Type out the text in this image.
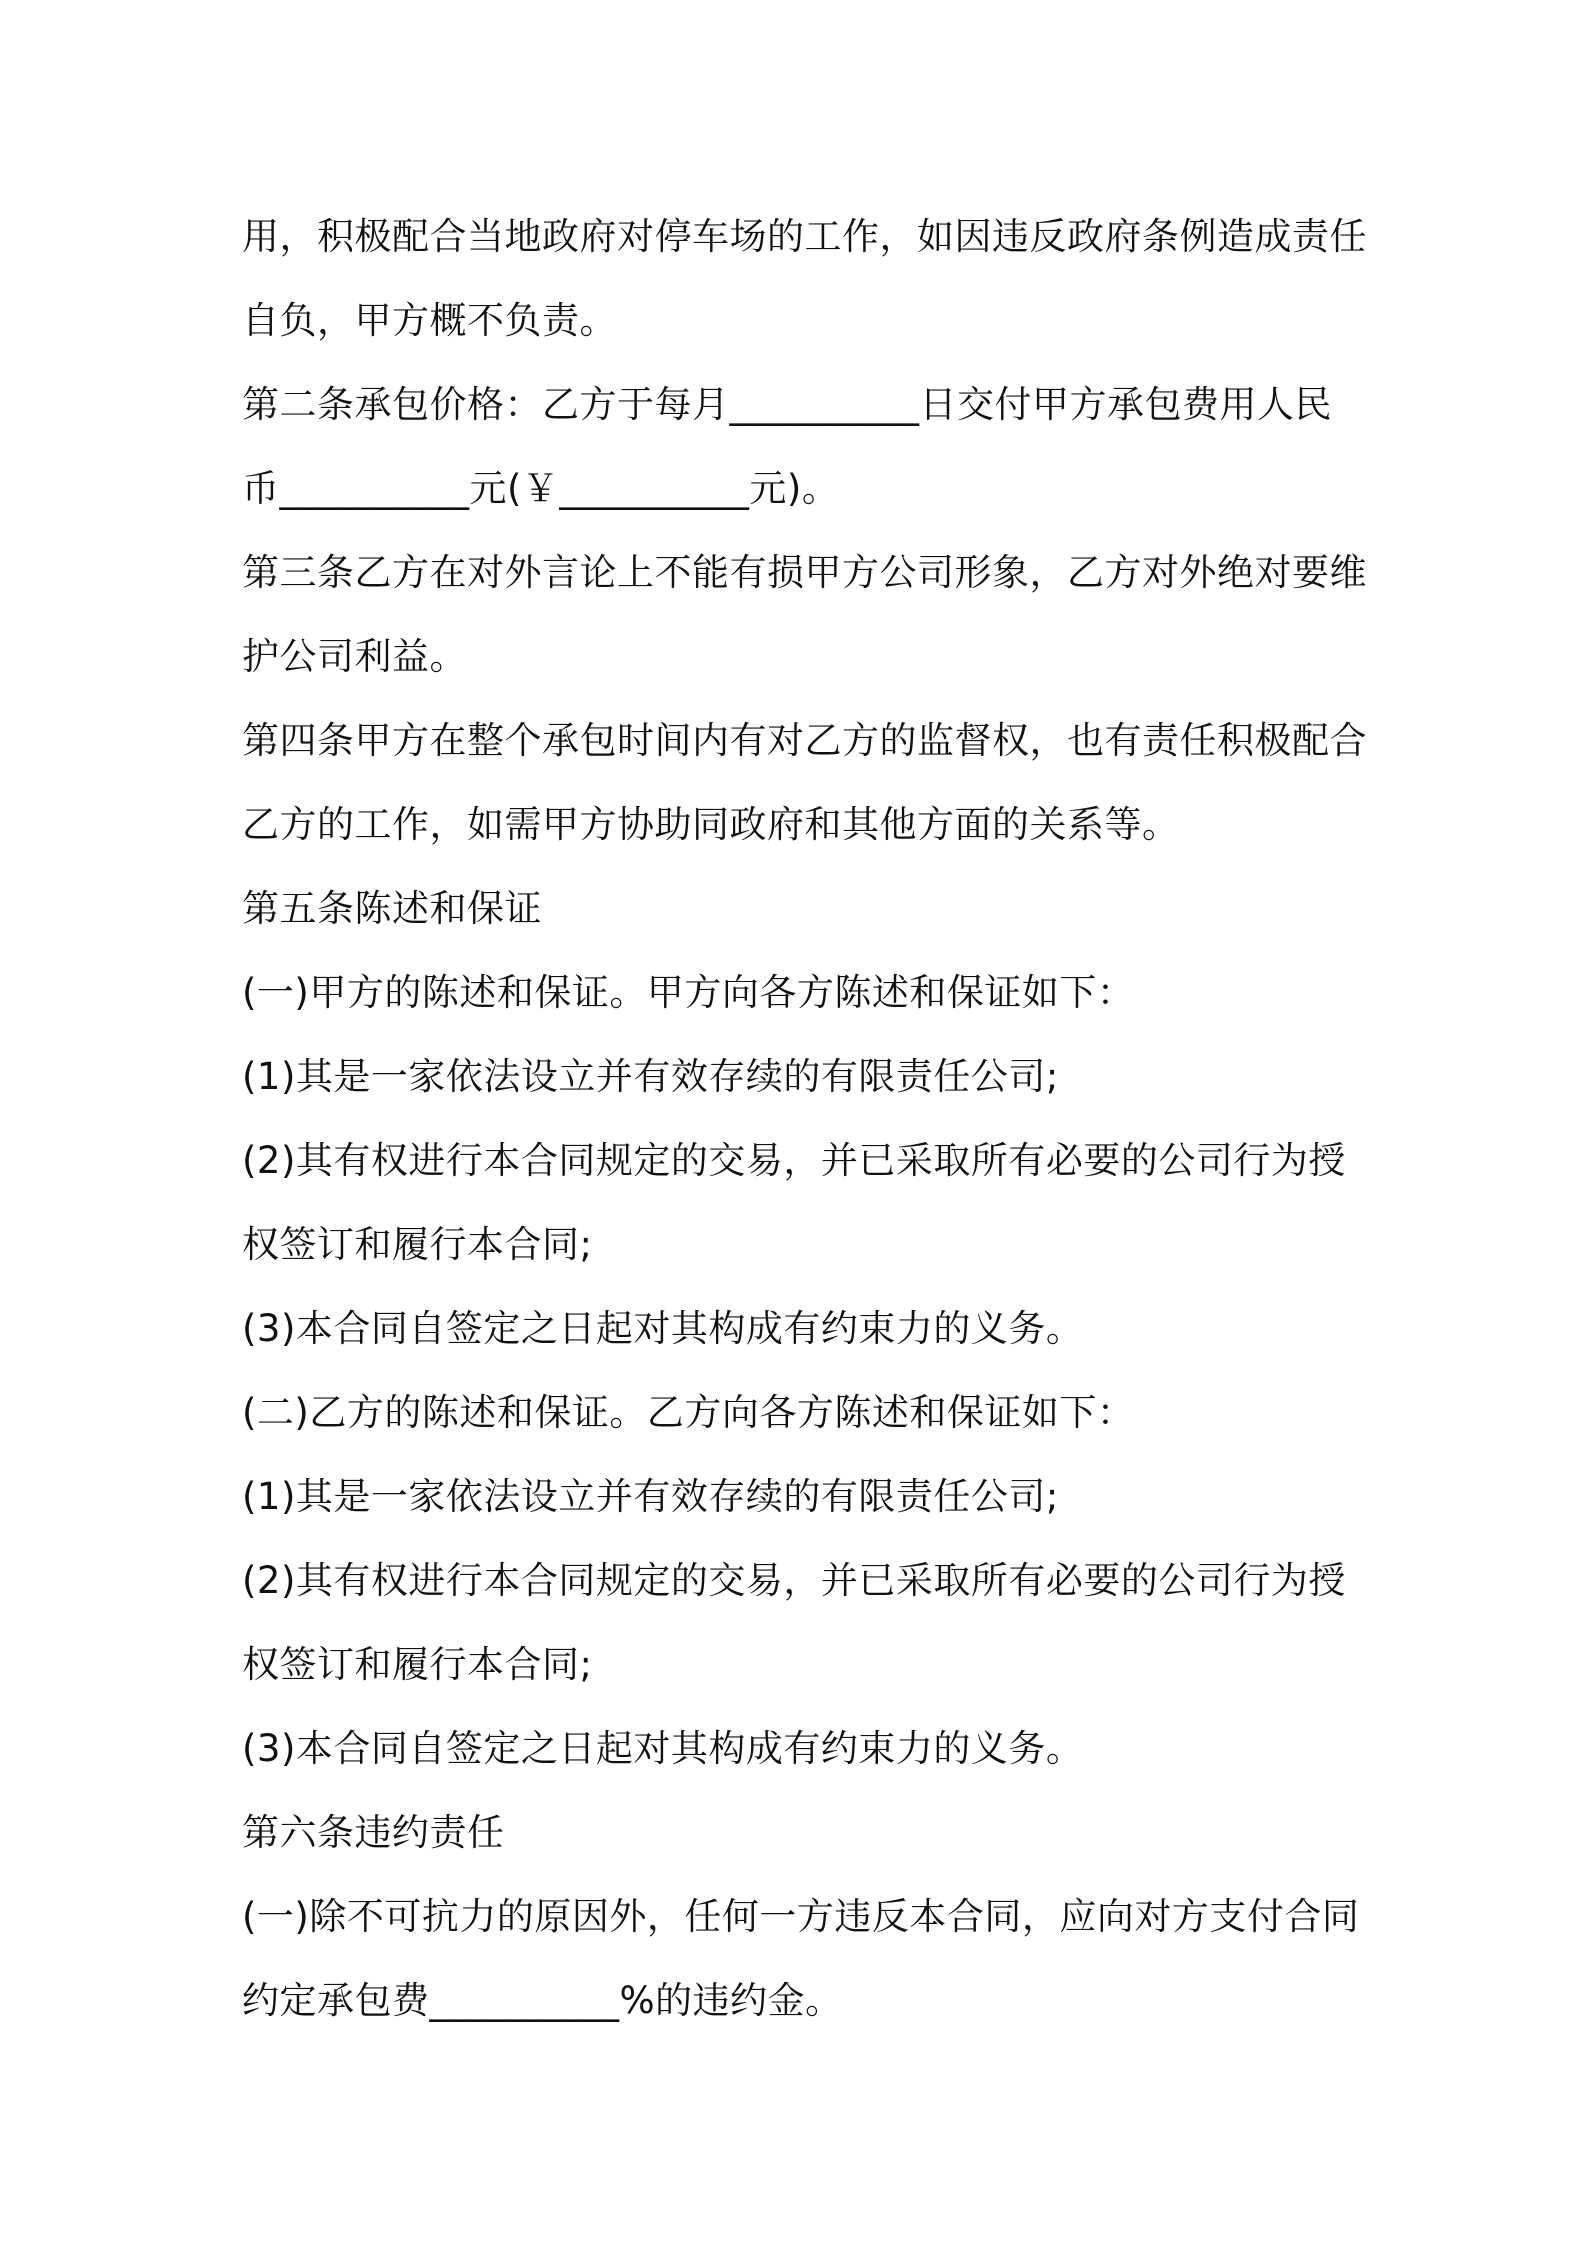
用，积极配合当地政府对停车场的工作，如因违反政府条例造成责任

自负，甲方概不负责。

第二条承包价格：乙方于每月__________日交付甲方承包费用人民

币__________元(￥__________元)。

第三条乙方在对外言论上不能有损甲方公司形象，乙方对外绝对要维

护公司利益。

第四条甲方在整个承包时间内有对乙方的监督权，也有责任积极配合

乙方的工作，如需甲方协助同政府和其他方面的关系等。

第五条陈述和保证

(一)甲方的陈述和保证。甲方向各方陈述和保证如下：

(1)其是一家依法设立并有效存续的有限责任公司;

(2)其有权进行本合同规定的交易，并已采取所有必要的公司行为授

权签订和履行本合同;

(3)本合同自签定之日起对其构成有约束力的义务。

(二)乙方的陈述和保证。乙方向各方陈述和保证如下：

(1)其是一家依法设立并有效存续的有限责任公司;

(2)其有权进行本合同规定的交易，并已采取所有必要的公司行为授

权签订和履行本合同;

(3)本合同自签定之日起对其构成有约束力的义务。

第六条违约责任

(一)除不可抗力的原因外，任何一方违反本合同，应向对方支付合同

约定承包费__________%的违约金。
